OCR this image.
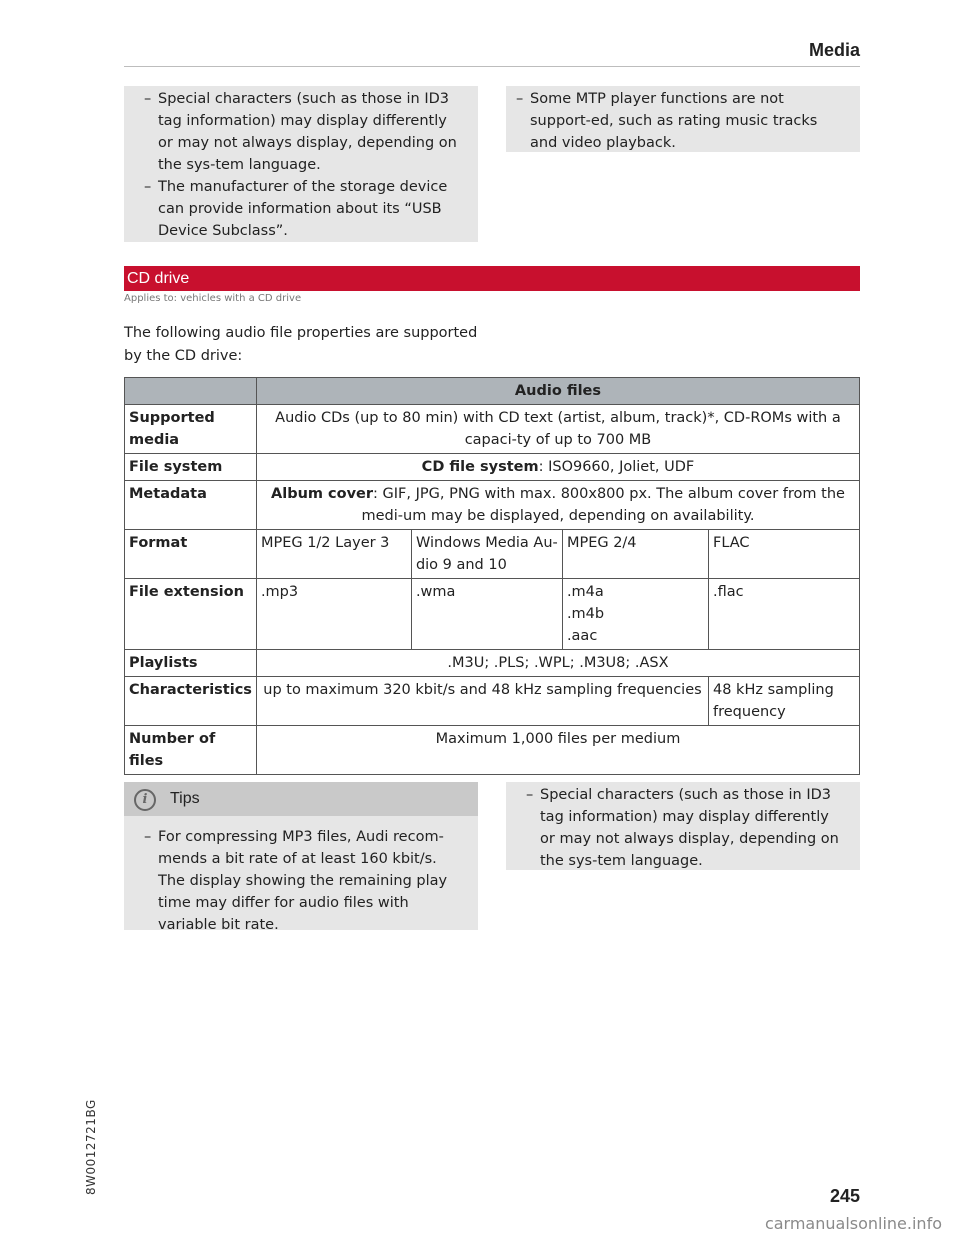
Media
– Special characters (such as those in ID3 tag information) may display differently or may not always display, depending on the sys-tem language.
– The manufacturer of the storage device can provide information about its “USB Device Subclass”.
– Some MTP player functions are not support-ed, such as rating music tracks and video playback.
CD drive
Applies to: vehicles with a CD drive
The following audio file properties are supported by the CD drive:
	Audio files			
Supported media	Audio CDs (up to 80 min) with CD text (artist, album, track)*, CD-ROMs with a capaci-ty of up to 700 MB			
File system	CD file system: ISO9660, Joliet, UDF			
Metadata	Album cover: GIF, JPG, PNG with max. 800x800 px. The album cover from the medi-um may be displayed, depending on availability.			
Format	MPEG 1/2 Layer 3	Windows Media Au-dio 9 and 10	MPEG 2/4	FLAC
File extension	.mp3	.wma	.m4a
.m4b
.aac	.flac
Playlists	.M3U; .PLS; .WPL; .M3U8; .ASX			
Characteristics	up to maximum 320 kbit/s and 48 kHz sampling frequencies			48 kHz sampling frequency
Number of files	Maximum 1,000 files per medium			
i	Tips
– For compressing MP3 files, Audi recom-mends a bit rate of at least 160 kbit/s. The display showing the remaining play time may differ for audio files with variable bit rate.
– Special characters (such as those in ID3 tag information) may display differently or may not always display, depending on the sys-tem language.
8W0012721BG
245
carmanualsonline.info
